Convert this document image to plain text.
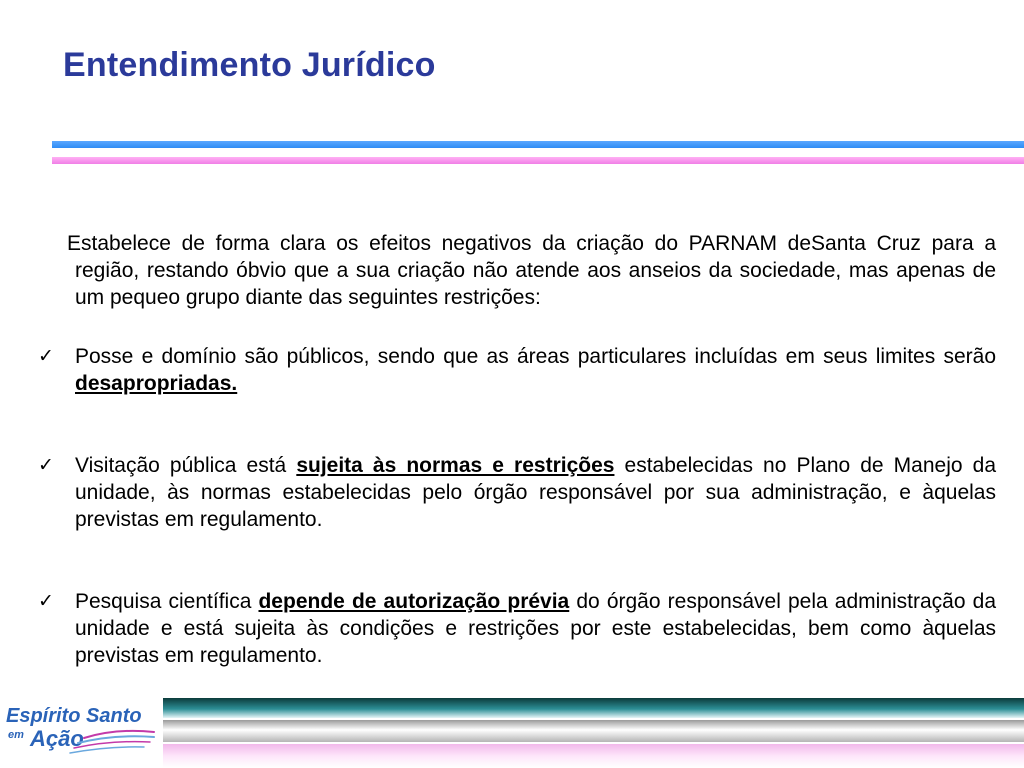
Entendimento Jurídico

Estabelece de forma clara os efeitos negativos da criação do PARNAM deSanta Cruz para a região, restando óbvio que a sua criação não atende aos anseios da sociedade, mas apenas de um pequeo grupo diante das seguintes restrições:

✓ Posse e domínio são públicos, sendo que as áreas particulares incluídas em seus limites serão desapropriadas.
✓ Visitação pública está sujeita às normas e restrições estabelecidas no Plano de Manejo da unidade, às normas estabelecidas pelo órgão responsável por sua administração, e àquelas previstas em regulamento.
✓ Pesquisa científica depende de autorização prévia do órgão responsável pela administração da unidade e está sujeita às condições e restrições por este estabelecidas, bem como àquelas previstas em regulamento.
Espírito Santo
em Ação
